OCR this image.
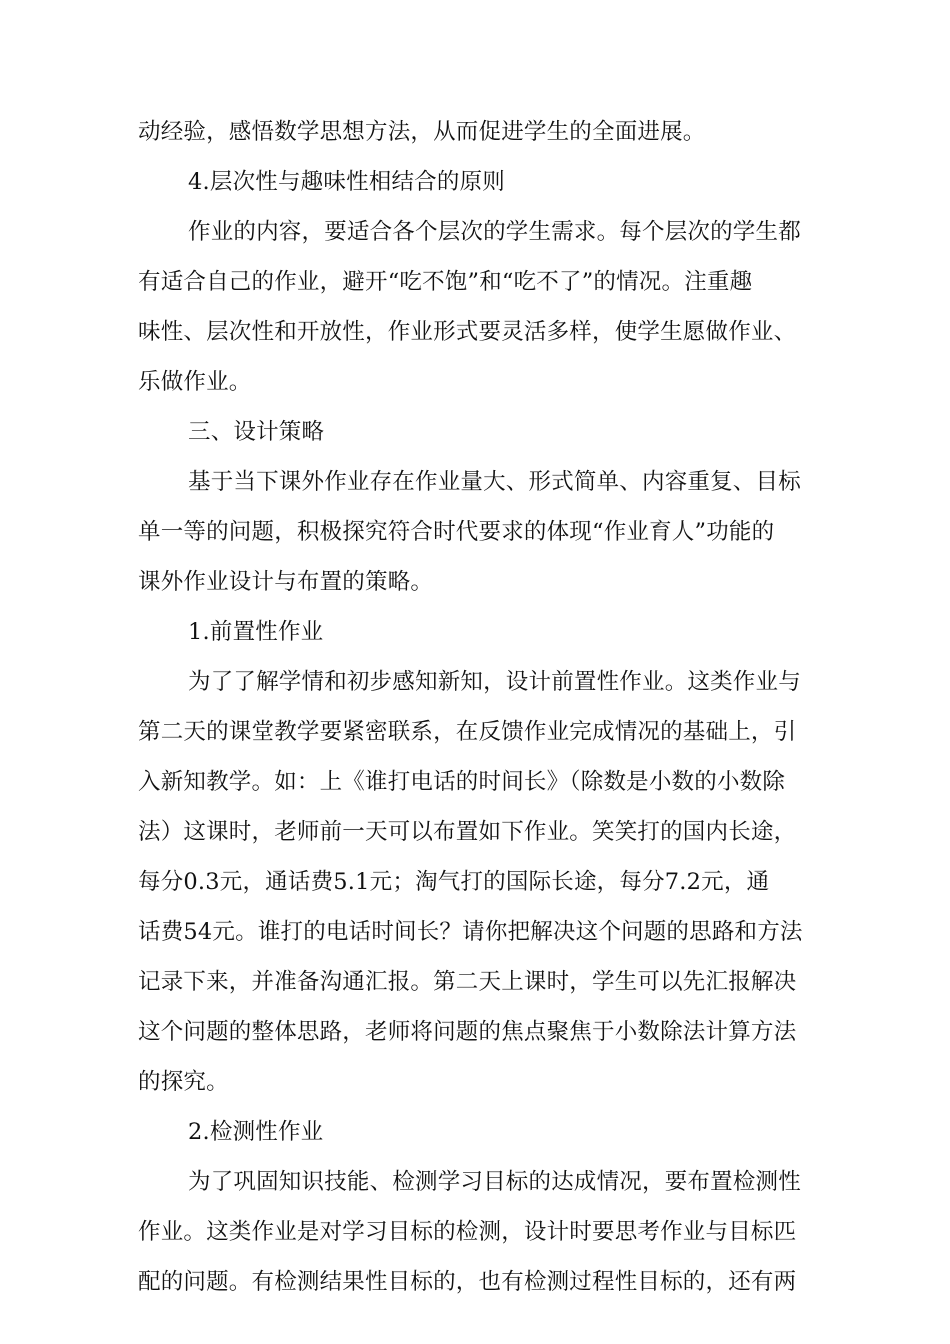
动经验，感悟数学思想方法，从而促进学生的全面进展。
4.层次性与趣味性相结合的原则
作业的内容，要适合各个层次的学生需求。每个层次的学生都
有适合自己的作业，避开“吃不饱”和“吃不了”的情况。注重趣
味性、层次性和开放性，作业形式要灵活多样，使学生愿做作业、
乐做作业。
三、设计策略
基于当下课外作业存在作业量大、形式简单、内容重复、目标
单一等的问题，积极探究符合时代要求的体现“作业育人”功能的
课外作业设计与布置的策略。
1.前置性作业
为了了解学情和初步感知新知，设计前置性作业。这类作业与
第二天的课堂教学要紧密联系，在反馈作业完成情况的基础上，引
入新知教学。如：上《谁打电话的时间长》（除数是小数的小数除
法）这课时，老师前一天可以布置如下作业。笑笑打的国内长途，
每分0.3元，通话费5.1元；淘气打的国际长途，每分7.2元，通
话费54元。谁打的电话时间长？请你把解决这个问题的思路和方法
记录下来，并准备沟通汇报。第二天上课时，学生可以先汇报解决
这个问题的整体思路，老师将问题的焦点聚焦于小数除法计算方法
的探究。
2.检测性作业
为了巩固知识技能、检测学习目标的达成情况，要布置检测性
作业。这类作业是对学习目标的检测，设计时要思考作业与目标匹
配的问题。有检测结果性目标的，也有检测过程性目标的，还有两
